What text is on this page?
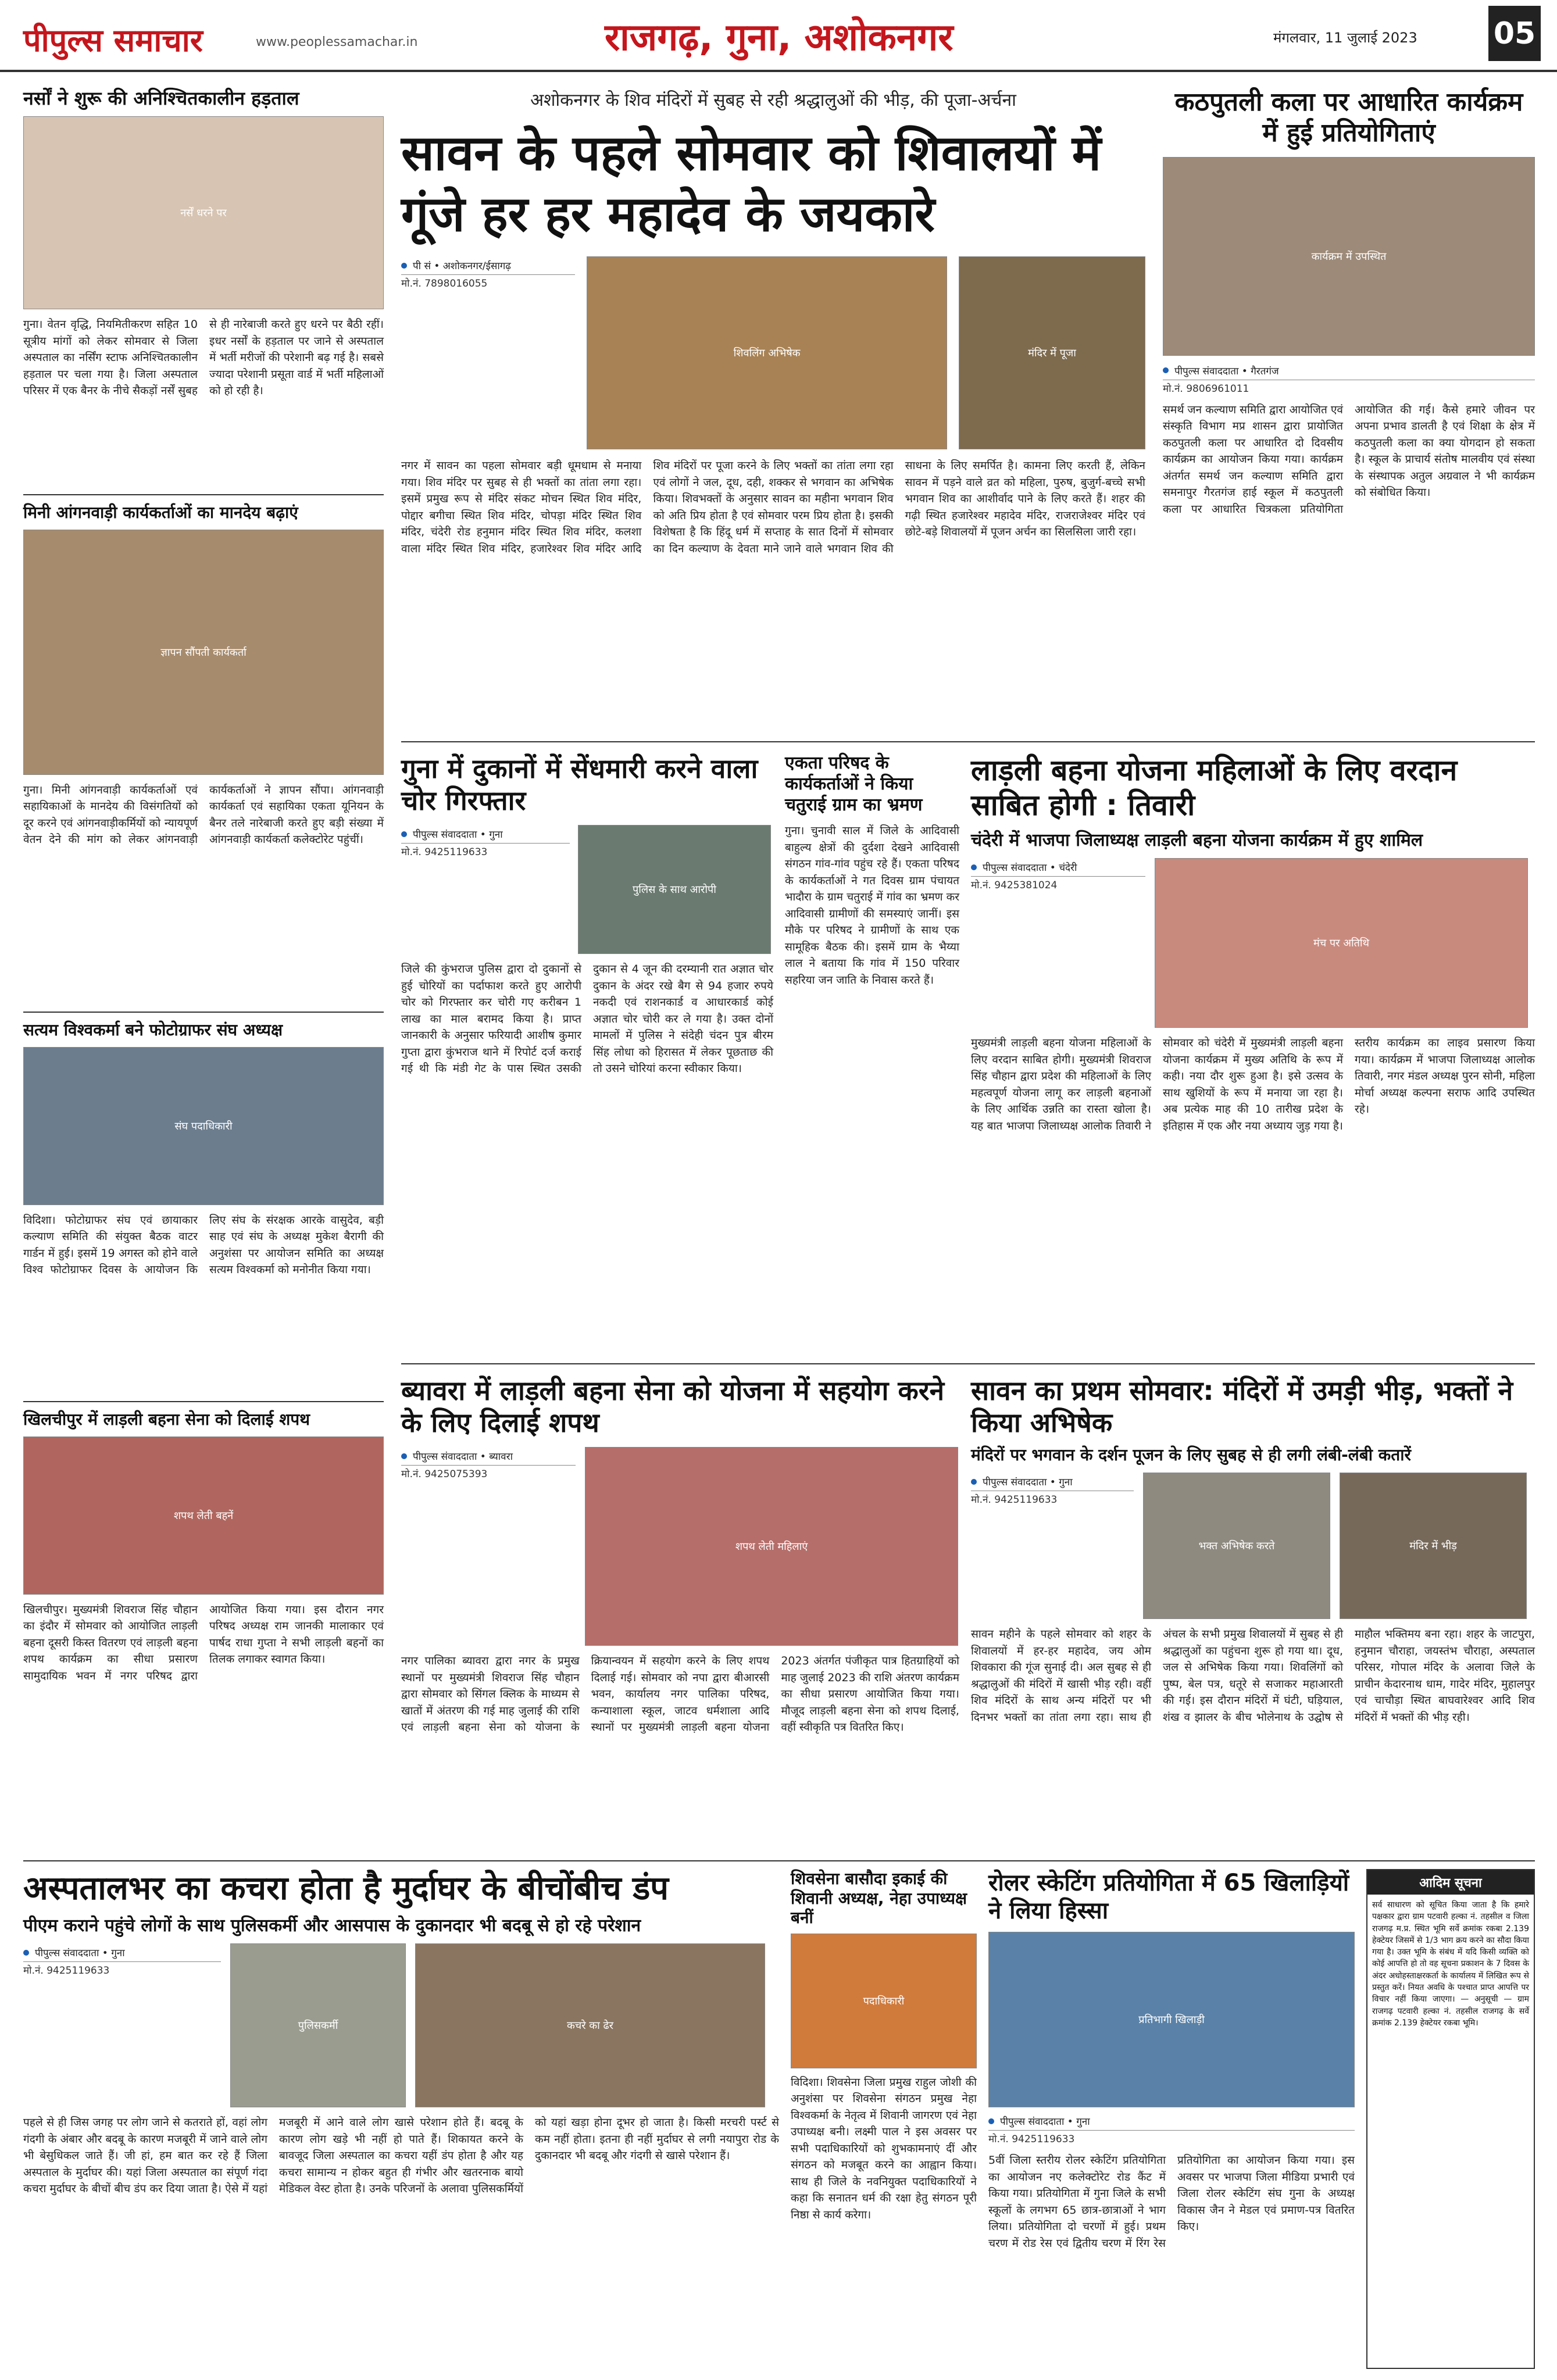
पीपुल्स समाचार	www.peoplessamachar.in	राजगढ़, गुना, अशोकनगर	मंगलवार, 11 जुलाई 2023	05
नर्सों ने शुरू की अनिश्चितकालीन हड़ताल
नर्सें धरने पर
गुना। वेतन वृद्धि, नियमितीकरण सहित 10 सूत्रीय मांगों को लेकर सोमवार से जिला अस्पताल का नर्सिंग स्टाफ अनिश्चितकालीन हड़ताल पर चला गया है। जिला अस्पताल परिसर में एक बैनर के नीचे सैकड़ों नर्सें सुबह से ही नारेबाजी करते हुए धरने पर बैठी रहीं। इधर नर्सों के हड़ताल पर जाने से अस्पताल में भर्ती मरीजों की परेशानी बढ़ गई है। सबसे ज्यादा परेशानी प्रसूता वार्ड में भर्ती महिलाओं को हो रही है।
मिनी आंगनवाड़ी कार्यकर्ताओं का मानदेय बढ़ाएं
ज्ञापन सौंपती कार्यकर्ता
गुना। मिनी आंगनवाड़ी कार्यकर्ताओं एवं सहायिकाओं के मानदेय की विसंगतियों को दूर करने एवं आंगनवाड़ीकर्मियों को न्यायपूर्ण वेतन देने की मांग को लेकर आंगनवाड़ी कार्यकर्ताओं ने ज्ञापन सौंपा। आंगनवाड़ी कार्यकर्ता एवं सहायिका एकता यूनियन के बैनर तले नारेबाजी करते हुए बड़ी संख्या में आंगनवाड़ी कार्यकर्ता कलेक्टोरेट पहुंचीं।
सत्यम विश्वकर्मा बने फोटोग्राफर संघ अध्यक्ष
संघ पदाधिकारी
विदिशा। फोटोग्राफर संघ एवं छायाकार कल्याण समिति की संयुक्त बैठक वाटर गार्डन में हुई। इसमें 19 अगस्त को होने वाले विश्व फोटोग्राफर दिवस के आयोजन कि लिए संघ के संरक्षक आरके वासुदेव, बड़ी साह एवं संघ के अध्यक्ष मुकेश बैरागी की अनुशंसा पर आयोजन समिति का अध्यक्ष सत्यम विश्वकर्मा को मनोनीत किया गया।
खिलचीपुर में लाड़ली बहना सेना को दिलाई शपथ
शपथ लेती बहनें
खिलचीपुर। मुख्यमंत्री शिवराज सिंह चौहान का इंदौर में सोमवार को आयोजित लाड़ली बहना दूसरी किस्त वितरण एवं लाड़ली बहना शपथ कार्यक्रम का सीधा प्रसारण सामुदायिक भवन में नगर परिषद द्वारा आयोजित किया गया। इस दौरान नगर परिषद अध्यक्ष राम जानकी मालाकार एवं पार्षद राधा गुप्ता ने सभी लाड़ली बहनों का तिलक लगाकर स्वागत किया।
अशोकनगर के शिव मंदिरों में सुबह से रही श्रद्धालुओं की भीड़, की पूजा-अर्चना
सावन के पहले सोमवार को शिवालयों में गूंजे हर हर महादेव के जयकारे
पी सं • अशोकनगर/ईसागढ़
मो.नं. 7898016055
शिवलिंग अभिषेक	मंदिर में पूजा
नगर में सावन का पहला सोमवार बड़ी धूमधाम से मनाया गया। शिव मंदिर पर सुबह से ही भक्तों का तांता लगा रहा। इसमें प्रमुख रूप से मंदिर संकट मोचन स्थित शिव मंदिर, पोद्दार बगीचा स्थित शिव मंदिर, चोपड़ा मंदिर स्थित शिव मंदिर, चंदेरी रोड हनुमान मंदिर स्थित शिव मंदिर, कलशा वाला मंदिर स्थित शिव मंदिर, हजारेश्वर शिव मंदिर आदि शिव मंदिरों पर पूजा करने के लिए भक्तों का तांता लगा रहा एवं लोगों ने जल, दूध, दही, शक्कर से भगवान का अभिषेक किया। शिवभक्तों के अनुसार सावन का महीना भगवान शिव को अति प्रिय होता है एवं सोमवार परम प्रिय होता है। इसकी विशेषता है कि हिंदू धर्म में सप्ताह के सात दिनों में सोमवार का दिन कल्याण के देवता माने जाने वाले भगवान शिव की साधना के लिए समर्पित है। कामना लिए करती हैं, लेकिन सावन में पड़ने वाले व्रत को महिला, पुरुष, बुजुर्ग-बच्चे सभी भगवान शिव का आशीर्वाद पाने के लिए करते हैं। शहर की गढ़ी स्थित हजारेश्वर महादेव मंदिर, राजराजेश्वर मंदिर एवं छोटे-बड़े शिवालयों में पूजन अर्चन का सिलसिला जारी रहा।
कठपुतली कला पर आधारित कार्यक्रम में हुई प्रतियोगिताएं
कार्यक्रम में उपस्थित
पीपुल्स संवाददाता • गैरतगंज
मो.नं. 9806961011
समर्थ जन कल्याण समिति द्वारा आयोजित एवं संस्कृति विभाग मप्र शासन द्वारा प्रायोजित कठपुतली कला पर आधारित दो दिवसीय कार्यक्रम का आयोजन किया गया। कार्यक्रम अंतर्गत समर्थ जन कल्याण समिति द्वारा समनापुर गैरतगंज हाई स्कूल में कठपुतली कला पर आधारित चित्रकला प्रतियोगिता आयोजित की गई। कैसे हमारे जीवन पर अपना प्रभाव डालती है एवं शिक्षा के क्षेत्र में कठपुतली कला का क्या योगदान हो सकता है। स्कूल के प्राचार्य संतोष मालवीय एवं संस्था के संस्थापक अतुल अग्रवाल ने भी कार्यक्रम को संबोधित किया।
गुना में दुकानों में सेंधमारी करने वाला चोर गिरफ्तार
पीपुल्स संवाददाता • गुना
मो.नं. 9425119633
पुलिस के साथ आरोपी
जिले की कुंभराज पुलिस द्वारा दो दुकानों से हुई चोरियों का पर्दाफाश करते हुए आरोपी चोर को गिरफ्तार कर चोरी गए करीबन 1 लाख का माल बरामद किया है। प्राप्त जानकारी के अनुसार फरियादी आशीष कुमार गुप्ता द्वारा कुंभराज थाने में रिपोर्ट दर्ज कराई गई थी कि मंडी गेट के पास स्थित उसकी दुकान से 4 जून की दरम्यानी रात अज्ञात चोर दुकान के अंदर रखे बैग से 94 हजार रुपये नकदी एवं राशनकार्ड व आधारकार्ड कोई अज्ञात चोर चोरी कर ले गया है। उक्त दोनों मामलों में पुलिस ने संदेही चंदन पुत्र बीरम सिंह लोधा को हिरासत में लेकर पूछताछ की तो उसने चोरियां करना स्वीकार किया।
एकता परिषद के कार्यकर्ताओं ने किया चतुराई ग्राम का भ्रमण
गुना। चुनावी साल में जिले के आदिवासी बाहुल्य क्षेत्रों की दुर्दशा देखने आदिवासी संगठन गांव-गांव पहुंच रहे हैं। एकता परिषद के कार्यकर्ताओं ने गत दिवस ग्राम पंचायत भादौरा के ग्राम चतुराई में गांव का भ्रमण कर आदिवासी ग्रामीणों की समस्याएं जानीं। इस मौके पर परिषद ने ग्रामीणों के साथ एक सामूहिक बैठक की। इसमें ग्राम के भैय्या लाल ने बताया कि गांव में 150 परिवार सहरिया जन जाति के निवास करते हैं।
लाड़ली बहना योजना महिलाओं के लिए वरदान साबित होगी : तिवारी
चंदेरी में भाजपा जिलाध्यक्ष लाड़ली बहना योजना कार्यक्रम में हुए शामिल
पीपुल्स संवाददाता • चंदेरी
मो.नं. 9425381024
मंच पर अतिथि
मुख्यमंत्री लाड़ली बहना योजना महिलाओं के लिए वरदान साबित होगी। मुख्यमंत्री शिवराज सिंह चौहान द्वारा प्रदेश की महिलाओं के लिए महत्वपूर्ण योजना लागू कर लाड़ली बहनाओं के लिए आर्थिक उन्नति का रास्ता खोला है। यह बात भाजपा जिलाध्यक्ष आलोक तिवारी ने सोमवार को चंदेरी में मुख्यमंत्री लाड़ली बहना योजना कार्यक्रम में मुख्य अतिथि के रूप में कही। नया दौर शुरू हुआ है। इसे उत्सव के साथ खुशियों के रूप में मनाया जा रहा है। अब प्रत्येक माह की 10 तारीख प्रदेश के इतिहास में एक और नया अध्याय जुड़ गया है। स्तरीय कार्यक्रम का लाइव प्रसारण किया गया। कार्यक्रम में भाजपा जिलाध्यक्ष आलोक तिवारी, नगर मंडल अध्यक्ष पुरन सोनी, महिला मोर्चा अध्यक्ष कल्पना सराफ आदि उपस्थित रहे।
ब्यावरा में लाड़ली बहना सेना को योजना में सहयोग करने के लिए दिलाई शपथ
पीपुल्स संवाददाता • ब्यावरा
मो.नं. 9425075393
शपथ लेती महिलाएं
नगर पालिका ब्यावरा द्वारा नगर के प्रमुख स्थानों पर मुख्यमंत्री शिवराज सिंह चौहान द्वारा सोमवार को सिंगल क्लिक के माध्यम से खातों में अंतरण की गई माह जुलाई की राशि एवं लाड़ली बहना सेना को योजना के क्रियान्वयन में सहयोग करने के लिए शपथ दिलाई गई। सोमवार को नपा द्वारा बीआरसी भवन, कार्यालय नगर पालिका परिषद, कन्याशाला स्कूल, जाटव धर्मशाला आदि स्थानों पर मुख्यमंत्री लाड़ली बहना योजना 2023 अंतर्गत पंजीकृत पात्र हितग्राहियों को माह जुलाई 2023 की राशि अंतरण कार्यक्रम का सीधा प्रसारण आयोजित किया गया। मौजूद लाड़ली बहना सेना को शपथ दिलाई, वहीं स्वीकृति पत्र वितरित किए।
सावन का प्रथम सोमवार: मंदिरों में उमड़ी भीड़, भक्तों ने किया अभिषेक
मंदिरों पर भगवान के दर्शन पूजन के लिए सुबह से ही लगी लंबी-लंबी कतारें
पीपुल्स संवाददाता • गुना
मो.नं. 9425119633
भक्त अभिषेक करते	मंदिर में भीड़
सावन महीने के पहले सोमवार को शहर के शिवालयों में हर-हर महादेव, जय ओम शिवकारा की गूंज सुनाई दी। अल सुबह से ही श्रद्धालुओं की मंदिरों में खासी भीड़ रही। वहीं शिव मंदिरों के साथ अन्य मंदिरों पर भी दिनभर भक्तों का तांता लगा रहा। साथ ही अंचल के सभी प्रमुख शिवालयों में सुबह से ही श्रद्धालुओं का पहुंचना शुरू हो गया था। दूध, जल से अभिषेक किया गया। शिवलिंगों को पुष्प, बेल पत्र, धतूरे से सजाकर महाआरती की गई। इस दौरान मंदिरों में घंटी, घड़ियाल, शंख व झालर के बीच भोलेनाथ के उद्घोष से माहौल भक्तिमय बना रहा। शहर के जाटपुरा, हनुमान चौराहा, जयस्तंभ चौराहा, अस्पताल परिसर, गोपाल मंदिर के अलावा जिले के प्राचीन केदारनाथ धाम, गादेर मंदिर, मुहालपुर एवं चाचौड़ा स्थित बाघवारेश्वर आदि शिव मंदिरों में भक्तों की भीड़ रही।
अस्पतालभर का कचरा होता है मुर्दाघर के बीचोंबीच डंप
पीएम कराने पहुंचे लोगों के साथ पुलिसकर्मी और आसपास के दुकानदार भी बदबू से हो रहे परेशान
पीपुल्स संवाददाता • गुना
मो.नं. 9425119633
पुलिसकर्मी	कचरे का ढेर
पहले से ही जिस जगह पर लोग जाने से कतराते हों, वहां लोग गंदगी के अंबार और बदबू के कारण मजबूरी में जाने वाले लोग भी बेसुधिकल जाते हैं। जी हां, हम बात कर रहे हैं जिला अस्पताल के मुर्दाघर की। यहां जिला अस्पताल का संपूर्ण गंदा कचरा मुर्दाघर के बीचों बीच डंप कर दिया जाता है। ऐसे में यहां मजबूरी में आने वाले लोग खासे परेशान होते हैं। बदबू के कारण लोग खड़े भी नहीं हो पाते हैं। शिकायत करने के बावजूद जिला अस्पताल का कचरा यहीं डंप होता है और यह कचरा सामान्य न होकर बहुत ही गंभीर और खतरनाक बायो मेडिकल वेस्ट होता है। उनके परिजनों के अलावा पुलिसकर्मियों को यहां खड़ा होना दूभर हो जाता है। किसी मरचरी पर्स्ट से कम नहीं होता। इतना ही नहीं मुर्दाघर से लगी नयापुरा रोड के दुकानदार भी बदबू और गंदगी से खासे परेशान हैं।
शिवसेना बासौदा इकाई की शिवानी अध्यक्ष, नेहा उपाध्यक्ष बनीं
पदाधिकारी
विदिशा। शिवसेना जिला प्रमुख राहुल जोशी की अनुशंसा पर शिवसेना संगठन प्रमुख नेहा विश्वकर्मा के नेतृत्व में शिवानी जागरण एवं नेहा उपाध्यक्ष बनी। लक्ष्मी पाल ने इस अवसर पर सभी पदाधिकारियों को शुभकामनाएं दीं और संगठन को मजबूत करने का आह्वान किया। साथ ही जिले के नवनियुक्त पदाधिकारियों ने कहा कि सनातन धर्म की रक्षा हेतु संगठन पूरी निष्ठा से कार्य करेगा।
रोलर स्केटिंग प्रतियोगिता में 65 खिलाड़ियों ने लिया हिस्सा
प्रतिभागी खिलाड़ी
पीपुल्स संवाददाता • गुना
मो.नं. 9425119633
5वीं जिला स्तरीय रोलर स्केटिंग प्रतियोगिता का आयोजन नए कलेक्टोरेट रोड कैंट में किया गया। प्रतियोगिता में गुना जिले के सभी स्कूलों के लगभग 65 छात्र-छात्राओं ने भाग लिया। प्रतियोगिता दो चरणों में हुई। प्रथम चरण में रोड रेस एवं द्वितीय चरण में रिंग रेस प्रतियोगिता का आयोजन किया गया। इस अवसर पर भाजपा जिला मीडिया प्रभारी एवं जिला रोलर स्केटिंग संघ गुना के अध्यक्ष विकास जैन ने मेडल एवं प्रमाण-पत्र वितरित किए।
आदिम सूचना
सर्व साधारण को सूचित किया जाता है कि हमारे पक्षकार द्वारा ग्राम पटवारी हल्का नं. तहसील व जिला राजगढ़ म.प्र. स्थित भूमि सर्वे क्रमांक रकबा 2.139 हेक्टेयर जिसमें से 1/3 भाग क्रय करने का सौदा किया गया है। उक्त भूमि के संबंध में यदि किसी व्यक्ति को कोई आपत्ति हो तो वह सूचना प्रकाशन के 7 दिवस के अंदर अधोहस्ताक्षरकर्ता के कार्यालय में लिखित रूप से प्रस्तुत करें। नियत अवधि के पश्चात प्राप्त आपत्ति पर विचार नहीं किया जाएगा। — अनुसूची — ग्राम राजगढ़ पटवारी हल्का नं. तहसील राजगढ़ के सर्वे क्रमांक 2.139 हेक्टेयर रकबा भूमि।
